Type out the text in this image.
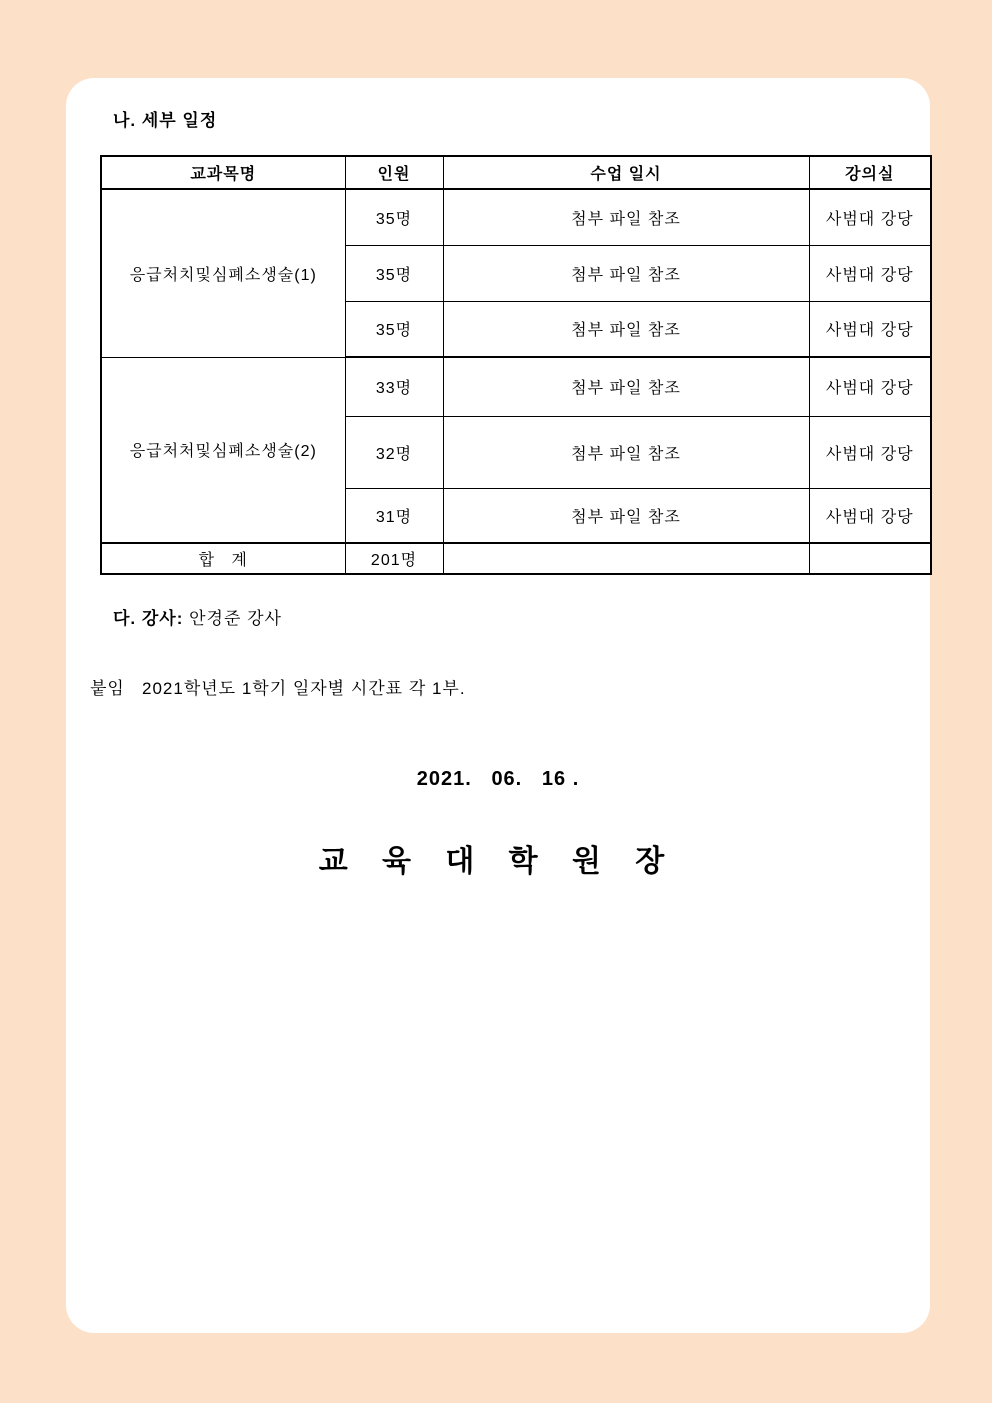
나. 세부 일정
교과목명	인원	수업 일시	강의실
응급처치및심폐소생술(1)	35명	첨부 파일 참조	사범대 강당
	35명	첨부 파일 참조	사범대 강당
	35명	첨부 파일 참조	사범대 강당
응급처처및심폐소생술(2)	33명	첨부 파일 참조	사범대 강당
	32명	첨부 파일 참조	사범대 강당
	31명	첨부 파일 참조	사범대 강당
합   계	201명		
다. 강사: 안경준 강사
붙임   2021학년도 1학기 일자별 시간표 각 1부.
2021.   06.   16 .
교 육 대 학 원 장
